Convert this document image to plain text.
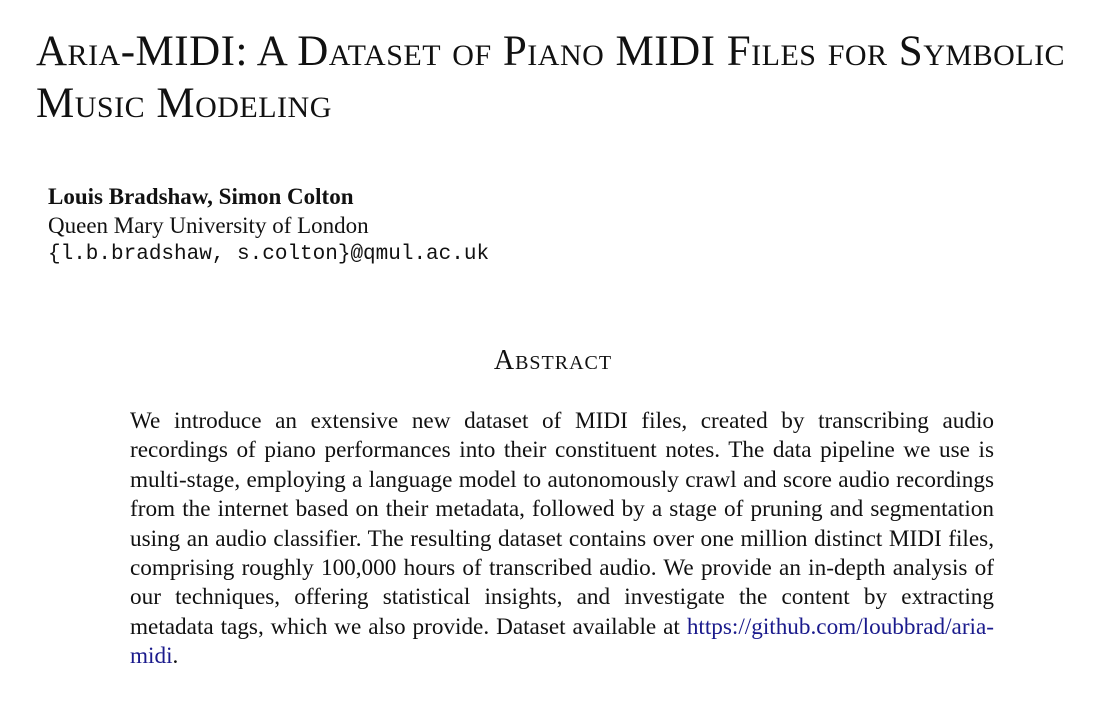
Aria-MIDI: A Dataset of Piano MIDI Files for Symbolic Music Modeling
Louis Bradshaw, Simon Colton
Queen Mary University of London
{l.b.bradshaw, s.colton}@qmul.ac.uk
Abstract

We introduce an extensive new dataset of MIDI files, created by transcribing audio recordings of piano performances into their constituent notes. The data pipeline we use is multi-stage, employing a language model to autonomously crawl and score audio recordings from the internet based on their metadata, followed by a stage of pruning and segmentation using an audio classifier. The resulting dataset contains over one million distinct MIDI files, comprising roughly 100,000 hours of transcribed audio. We provide an in-depth analysis of our techniques, offering statistical insights, and investigate the content by extracting metadata tags, which we also provide. Dataset available at https://github.com/loubbrad/aria-midi.
